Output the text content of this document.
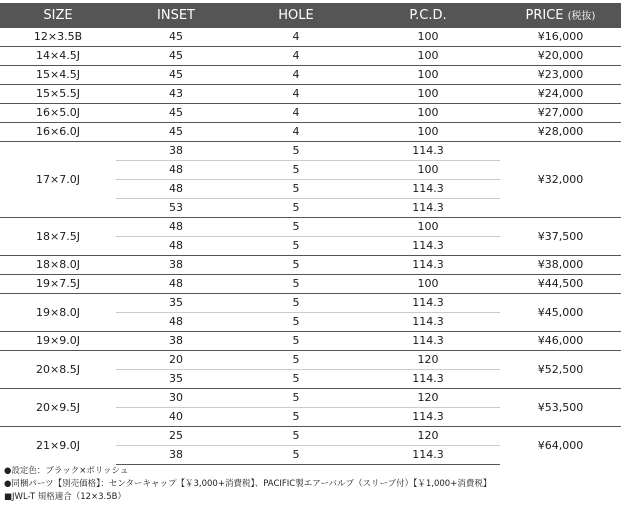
SIZE	INSET	HOLE	P.C.D.	PRICE (税抜)
12×3.5B	45	4	100	¥16,000
14×4.5J	45	4	100	¥20,000
15×4.5J	45	4	100	¥23,000
15×5.5J	43	4	100	¥24,000
16×5.0J	45	4	100	¥27,000
16×6.0J	45	4	100	¥28,000
17×7.0J	38	5	114.3	¥32,000
	48	5	100	
	48	5	114.3	
	53	5	114.3	
18×7.5J	48	5	100	¥37,500
	48	5	114.3	
18×8.0J	38	5	114.3	¥38,000
19×7.5J	48	5	100	¥44,500
19×8.0J	35	5	114.3	¥45,000
	48	5	114.3	
19×9.0J	38	5	114.3	¥46,000
20×8.5J	20	5	120	¥52,500
	35	5	114.3	
20×9.5J	30	5	120	¥53,500
	40	5	114.3	
21×9.0J	25	5	120	¥64,000
	38	5	114.3	
●設定色：ブラック×ポリッシュ
●同梱パーツ【別売価格】：センターキャップ【￥3,000+消費税】、PACIFIC製エアーバルブ（スリーブ付）【￥1,000+消費税】
■JWL-T 規格適合（12×3.5B）
